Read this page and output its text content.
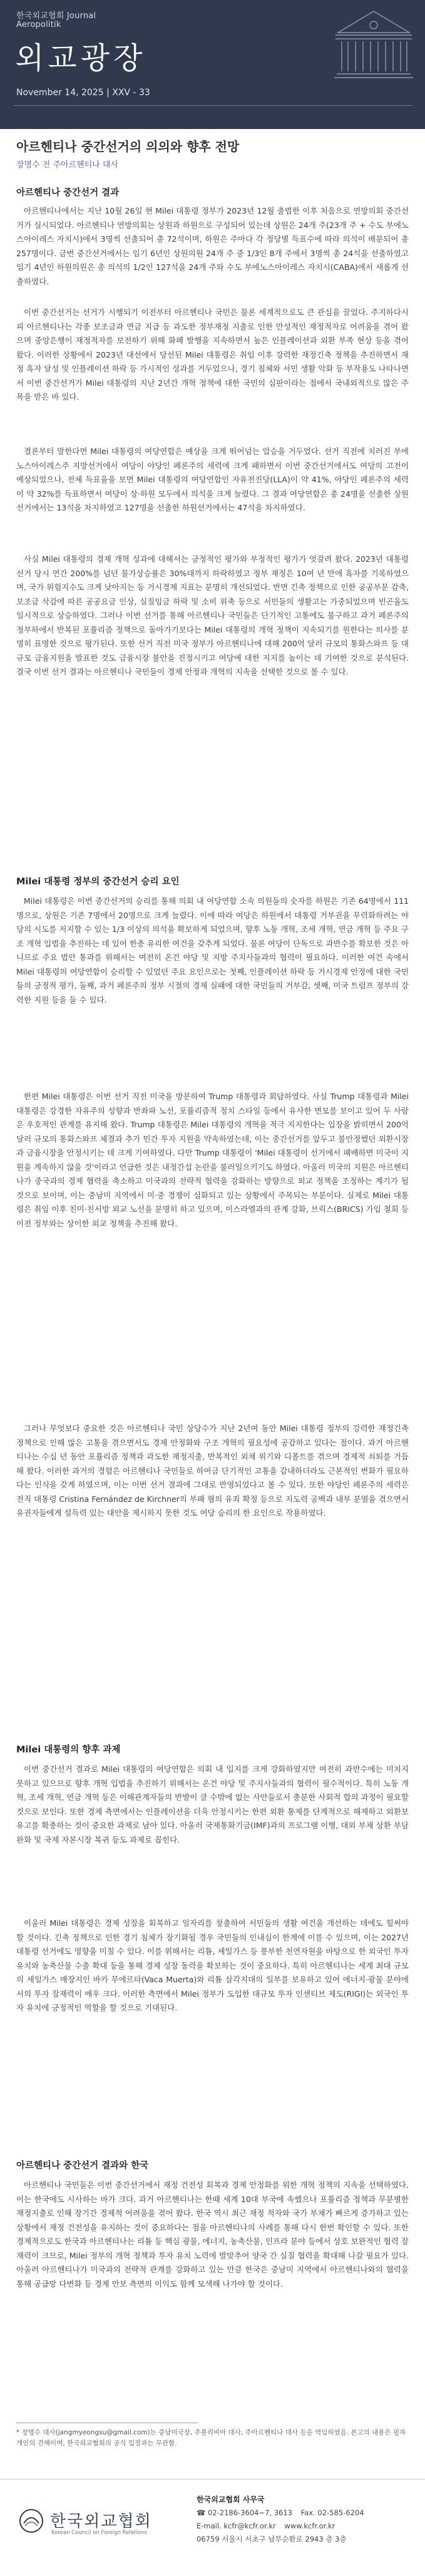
한국외교협회 Journal
Aeropolitik
외교광장
November 14, 2025 | XXV - 33
아르헨티나 중간선거의 의의와 향후 전망
장명수 전 주아르헨티나 대사
아르헨티나 중간선거 결과

아르헨티나에서는 지난 10월 26일 현 Milei 대통령 정부가 2023년 12월 출범한 이후 처음으로 연방의회 중간선거가 실시되었다. 아르헨티나 연방의회는 상원과 하원으로 구성되어 있는데 상원은 24개 주(23개 주 + 수도 부에노스아이레스 자치시)에서 3명씩 선출되어 총 72석이며, 하원은 주마다 각 정당별 득표수에 따라 의석이 배분되어 총 257명이다. 금번 중간선거에서는 임기 6년인 상원의원 24개 주 중 1/3인 8개 주에서 3명씩 총 24석을 선출하였고 임기 4년인 하원의원은 총 의석의 1/2인 127석을 24개 주와 수도 부에노스아이레스 자치시(CABA)에서 새롭게 선출하였다.

이번 중간선거는 선거가 시행되기 이전부터 아르헨티나 국민은 물론 세계적으로도 큰 관심을 끌었다. 주지하다시피 아르헨티나는 각종 보조금과 연금 지급 등 과도한 정부재정 지출로 인한 만성적인 재정적자로 어려움을 겪어 왔으며 중앙은행이 재정적자를 보전하기 위해 화폐 발행을 지속하면서 높은 인플레이션과 외환 부족 현상 등을 겪어 왔다. 이러한 상황에서 2023년 대선에서 당선된 Milei 대통령은 취임 이후 강력한 재정긴축 정책을 추진하면서 재정 흑자 달성 및 인플레이션 하락 등 가시적인 성과를 거두었으나, 경기 침체와 서민 생활 악화 등 부작용도 나타나면서 이번 중간선거가 Milei 대통령의 지난 2년간 개혁 정책에 대한 국민의 심판이라는 점에서 국내외적으로 많은 주목을 받은 바 있다.

결론부터 말한다면 Milei 대통령의 여당연합은 예상을 크게 뛰어넘는 압승을 거두었다. 선거 직전에 치러진 부에노스아이레스주 지방선거에서 여당이 야당인 페론주의 세력에 크게 패하면서 이번 중간선거에서도 여당의 고전이 예상되었으나, 전체 득표율을 보면 Milei 대통령의 여당연합인 자유전진당(LLA)이 약 41%, 야당인 페론주의 세력이 약 32%를 득표하면서 여당이 상·하원 모두에서 의석을 크게 늘렸다. 그 결과 여당연합은 총 24명을 선출한 상원선거에서는 13석을 차지하였고 127명을 선출한 하원선거에서는 47석을 차지하였다.

사실 Milei 대통령의 경제 개혁 성과에 대해서는 긍정적인 평가와 부정적인 평가가 엇갈려 왔다. 2023년 대통령 선거 당시 연간 200%를 넘던 물가상승률은 30%대까지 하락하였고 정부 재정은 10여 년 만에 흑자를 기록하였으며, 국가 위험지수도 크게 낮아지는 등 거시경제 지표는 분명히 개선되었다. 반면 긴축 정책으로 인한 공공부문 감축, 보조금 삭감에 따른 공공요금 인상, 실질임금 하락 및 소비 위축 등으로 서민들의 생활고는 가중되었으며 빈곤율도 일시적으로 상승하였다. 그러나 이번 선거를 통해 아르헨티나 국민들은 단기적인 고통에도 불구하고 과거 페론주의 정부하에서 반복된 포퓰리즘 정책으로 돌아가기보다는 Milei 대통령의 개혁 정책이 지속되기를 원한다는 의사를 분명히 표명한 것으로 평가된다. 또한 선거 직전 미국 정부가 아르헨티나에 대해 200억 달러 규모의 통화스와프 등 대규모 금융지원을 발표한 것도 금융시장 불안을 진정시키고 여당에 대한 지지를 높이는 데 기여한 것으로 분석된다. 결국 이번 선거 결과는 아르헨티나 국민들이 경제 안정과 개혁의 지속을 선택한 것으로 볼 수 있다.

Milei 대통령 정부의 중간선거 승리 요인

Milei 대통령은 이번 중간선거의 승리를 통해 의회 내 여당연합 소속 의원들의 숫자를 하원은 기존 64명에서 111명으로, 상원은 기존 7명에서 20명으로 크게 늘렸다. 이에 따라 여당은 하원에서 대통령 거부권을 무력화하려는 야당의 시도를 저지할 수 있는 1/3 이상의 의석을 확보하게 되었으며, 향후 노동 개혁, 조세 개혁, 연금 개혁 등 주요 구조 개혁 입법을 추진하는 데 있어 한층 유리한 여건을 갖추게 되었다. 물론 여당이 단독으로 과반수를 확보한 것은 아니므로 주요 법안 통과를 위해서는 여전히 온건 야당 및 지방 주지사들과의 협력이 필요하다. 이러한 여건 속에서 Milei 대통령의 여당연합이 승리할 수 있었던 주요 요인으로는 첫째, 인플레이션 하락 등 거시경제 안정에 대한 국민들의 긍정적 평가, 둘째, 과거 페론주의 정부 시절의 경제 실패에 대한 국민들의 거부감, 셋째, 미국 트럼프 정부의 강력한 지원 등을 들 수 있다.

한편 Milei 대통령은 이번 선거 직전 미국을 방문하여 Trump 대통령과 회담하였다. 사실 Trump 대통령과 Milei 대통령은 강경한 자유주의 성향과 반좌파 노선, 포퓰리즘적 정치 스타일 등에서 유사한 면모를 보이고 있어 두 사람은 우호적인 관계를 유지해 왔다. Trump 대통령은 Milei 대통령의 개혁을 적극 지지한다는 입장을 밝히면서 200억 달러 규모의 통화스와프 체결과 추가 민간 투자 지원을 약속하였는데, 이는 중간선거를 앞두고 불안정했던 외환시장과 금융시장을 안정시키는 데 크게 기여하였다. 다만 Trump 대통령이 'Milei 대통령이 선거에서 패배하면 미국이 지원을 계속하지 않을 것'이라고 언급한 것은 내정간섭 논란을 불러일으키기도 하였다. 아울러 미국의 지원은 아르헨티나가 중국과의 경제 협력을 축소하고 미국과의 전략적 협력을 강화하는 방향으로 외교 정책을 조정하는 계기가 될 것으로 보이며, 이는 중남미 지역에서 미·중 경쟁이 심화되고 있는 상황에서 주목되는 부분이다. 실제로 Milei 대통령은 취임 이후 친미·친서방 외교 노선을 분명히 하고 있으며, 이스라엘과의 관계 강화, 브릭스(BRICS) 가입 철회 등 이전 정부와는 상이한 외교 정책을 추진해 왔다.

그러나 무엇보다 중요한 것은 아르헨티나 국민 상당수가 지난 2년여 동안 Milei 대통령 정부의 강력한 재정긴축 정책으로 인해 많은 고통을 겪으면서도 경제 안정화와 구조 개혁의 필요성에 공감하고 있다는 점이다. 과거 아르헨티나는 수십 년 동안 포퓰리즘 정책과 과도한 재정지출, 반복적인 외채 위기와 디폴트를 겪으며 경제적 쇠퇴를 거듭해 왔다. 이러한 과거의 경험은 아르헨티나 국민들로 하여금 단기적인 고통을 감내하더라도 근본적인 변화가 필요하다는 인식을 갖게 하였으며, 이는 이번 선거 결과에 그대로 반영되었다고 볼 수 있다. 또한 야당인 페론주의 세력은 전직 대통령 Cristina Fernández de Kirchner의 부패 혐의 유죄 확정 등으로 지도력 공백과 내부 분열을 겪으면서 유권자들에게 설득력 있는 대안을 제시하지 못한 것도 여당 승리의 한 요인으로 작용하였다.

Milei 대통령의 향후 과제

이번 중간선거 결과로 Milei 대통령의 여당연합은 의회 내 입지를 크게 강화하였지만 여전히 과반수에는 미치지 못하고 있으므로 향후 개혁 입법을 추진하기 위해서는 온건 야당 및 주지사들과의 협력이 필수적이다. 특히 노동 개혁, 조세 개혁, 연금 개혁 등은 이해관계자들의 반발이 클 수밖에 없는 사안들로서 충분한 사회적 합의 과정이 필요할 것으로 보인다. 또한 경제 측면에서는 인플레이션을 더욱 안정시키는 한편 외환 통제를 단계적으로 해제하고 외환보유고를 확충하는 것이 중요한 과제로 남아 있다. 아울러 국제통화기금(IMF)과의 프로그램 이행, 대외 부채 상환 부담 완화 및 국제 자본시장 복귀 등도 과제로 꼽힌다.

이울러 Milei 대통령은 경제 성장을 회복하고 일자리를 창출하여 서민들의 생활 여건을 개선하는 데에도 힘써야 할 것이다. 긴축 정책으로 인한 경기 침체가 장기화될 경우 국민들의 인내심이 한계에 이를 수 있으며, 이는 2027년 대통령 선거에도 영향을 미칠 수 있다. 이를 위해서는 리튬, 셰일가스 등 풍부한 천연자원을 바탕으로 한 외국인 투자 유치와 농축산물 수출 확대 등을 통해 경제 성장 동력을 확보하는 것이 중요하다. 특히 아르헨티나는 세계 최대 규모의 셰일가스 매장지인 바카 무에르타(Vaca Muerta)와 리튬 삼각지대의 일부를 보유하고 있어 에너지·광물 분야에서의 투자 잠재력이 매우 크다. 이러한 측면에서 Milei 정부가 도입한 대규모 투자 인센티브 제도(RIGI)는 외국인 투자 유치에 긍정적인 역할을 할 것으로 기대된다.

아르헨티나 중간선거 결과와 한국

아르헨티나 국민들은 이번 중간선거에서 재정 건전성 회복과 경제 안정화를 위한 개혁 정책의 지속을 선택하였다. 이는 한국에도 시사하는 바가 크다. 과거 아르헨티나는 한때 세계 10대 부국에 속했으나 포퓰리즘 정책과 무분별한 재정지출로 인해 장기간 경제적 어려움을 겪어 왔다. 한국 역시 최근 재정 적자와 국가 부채가 빠르게 증가하고 있는 상황에서 재정 건전성을 유지하는 것이 중요하다는 점을 아르헨티나의 사례를 통해 다시 한번 확인할 수 있다. 또한 경제적으로도 한국과 아르헨티나는 리튬 등 핵심 광물, 에너지, 농축산물, 인프라 분야 등에서 상호 보완적인 협력 잠재력이 크므로, Milei 정부의 개혁 정책과 투자 유치 노력에 발맞추어 양국 간 실질 협력을 확대해 나갈 필요가 있다. 아울러 아르헨티나가 미국과의 전략적 관계를 강화하고 있는 만큼 한국은 중남미 지역에서 아르헨티나와의 협력을 통해 공급망 다변화 등 경제 안보 측면의 이익도 함께 모색해 나가야 할 것이다.

* 장명수 대사(jangmyeongsu@gmail.com)는 중남미국장, 주볼리비아 대사, 주아르헨티나 대사 등을 역임하였음. 본고의 내용은 필자 개인의 견해이며, 한국외교협회의 공식 입장과는 무관함.

한국외교협회
Korean Council on Foreign Relations
한국외교협회 사무국
☎ 02-2186-3604~7, 3613 Fax. 02-585-6204
E-mail. kcfr@kcfr.or.kr www.kcfr.or.kr
06759 서울시 서초구 남부순환로 2943 층 3층
